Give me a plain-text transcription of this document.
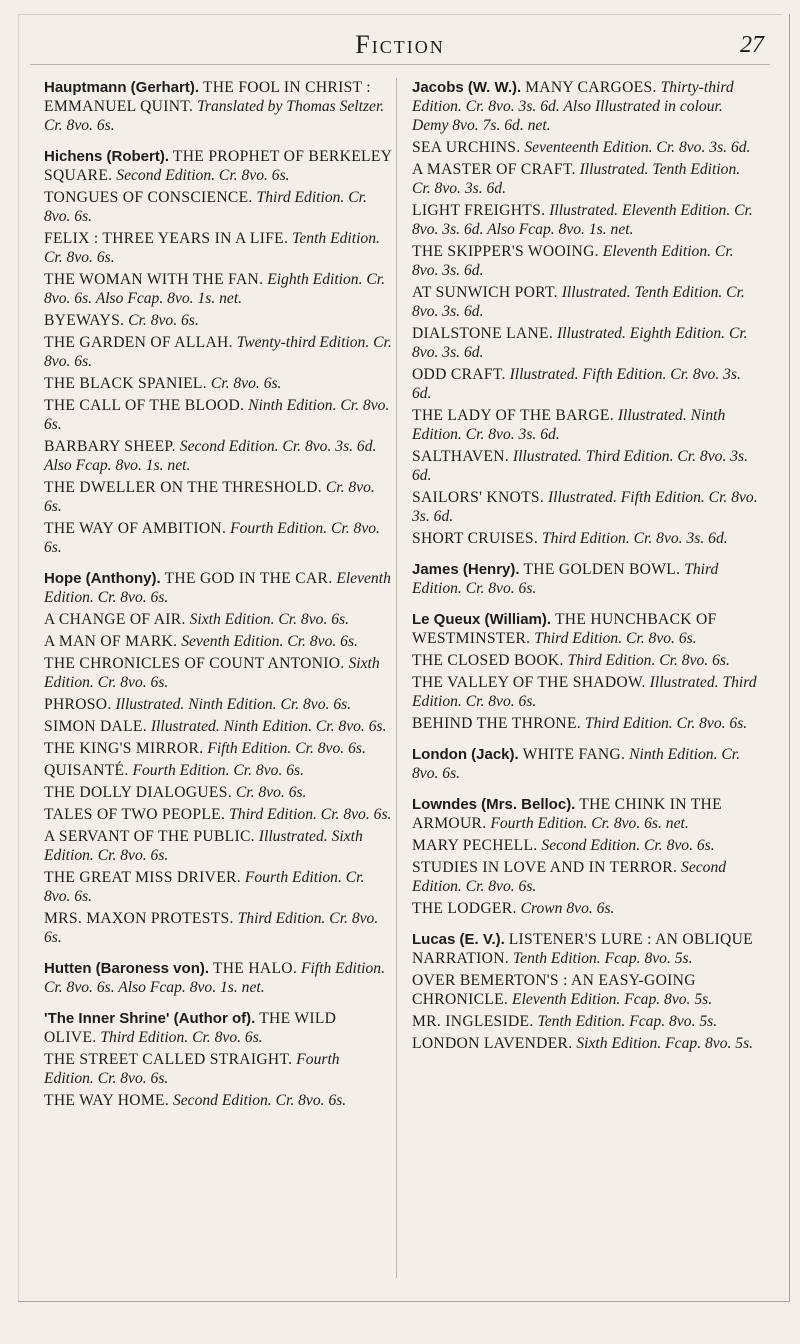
Fiction	27

Hauptmann (Gerhart). THE FOOL IN CHRIST : EMMANUEL QUINT. Translated by Thomas Seltzer. Cr. 8vo. 6s.

Hichens (Robert). THE PROPHET OF BERKELEY SQUARE. Second Edition. Cr. 8vo. 6s.

TONGUES OF CONSCIENCE. Third Edition. Cr. 8vo. 6s.

FELIX : THREE YEARS IN A LIFE. Tenth Edition. Cr. 8vo. 6s.

THE WOMAN WITH THE FAN. Eighth Edition. Cr. 8vo. 6s. Also Fcap. 8vo. 1s. net.

BYEWAYS. Cr. 8vo. 6s.

THE GARDEN OF ALLAH. Twenty-third Edition. Cr. 8vo. 6s.

THE BLACK SPANIEL. Cr. 8vo. 6s.

THE CALL OF THE BLOOD. Ninth Edition. Cr. 8vo. 6s.

BARBARY SHEEP. Second Edition. Cr. 8vo. 3s. 6d. Also Fcap. 8vo. 1s. net.

THE DWELLER ON THE THRESHOLD. Cr. 8vo. 6s.

THE WAY OF AMBITION. Fourth Edition. Cr. 8vo. 6s.

Hope (Anthony). THE GOD IN THE CAR. Eleventh Edition. Cr. 8vo. 6s.

A CHANGE OF AIR. Sixth Edition. Cr. 8vo. 6s.

A MAN OF MARK. Seventh Edition. Cr. 8vo. 6s.

THE CHRONICLES OF COUNT ANTONIO. Sixth Edition. Cr. 8vo. 6s.

PHROSO. Illustrated. Ninth Edition. Cr. 8vo. 6s.

SIMON DALE. Illustrated. Ninth Edition. Cr. 8vo. 6s.

THE KING'S MIRROR. Fifth Edition. Cr. 8vo. 6s.

QUISANTÉ. Fourth Edition. Cr. 8vo. 6s.

THE DOLLY DIALOGUES. Cr. 8vo. 6s.

TALES OF TWO PEOPLE. Third Edition. Cr. 8vo. 6s.

A SERVANT OF THE PUBLIC. Illustrated. Sixth Edition. Cr. 8vo. 6s.

THE GREAT MISS DRIVER. Fourth Edition. Cr. 8vo. 6s.

MRS. MAXON PROTESTS. Third Edition. Cr. 8vo. 6s.

Hutten (Baroness von). THE HALO. Fifth Edition. Cr. 8vo. 6s. Also Fcap. 8vo. 1s. net.

'The Inner Shrine' (Author of). THE WILD OLIVE. Third Edition. Cr. 8vo. 6s.

THE STREET CALLED STRAIGHT. Fourth Edition. Cr. 8vo. 6s.

THE WAY HOME. Second Edition. Cr. 8vo. 6s.

Jacobs (W. W.). MANY CARGOES. Thirty-third Edition. Cr. 8vo. 3s. 6d. Also Illustrated in colour. Demy 8vo. 7s. 6d. net.

SEA URCHINS. Seventeenth Edition. Cr. 8vo. 3s. 6d.

A MASTER OF CRAFT. Illustrated. Tenth Edition. Cr. 8vo. 3s. 6d.

LIGHT FREIGHTS. Illustrated. Eleventh Edition. Cr. 8vo. 3s. 6d. Also Fcap. 8vo. 1s. net.

THE SKIPPER'S WOOING. Eleventh Edition. Cr. 8vo. 3s. 6d.

AT SUNWICH PORT. Illustrated. Tenth Edition. Cr. 8vo. 3s. 6d.

DIALSTONE LANE. Illustrated. Eighth Edition. Cr. 8vo. 3s. 6d.

ODD CRAFT. Illustrated. Fifth Edition. Cr. 8vo. 3s. 6d.

THE LADY OF THE BARGE. Illustrated. Ninth Edition. Cr. 8vo. 3s. 6d.

SALTHAVEN. Illustrated. Third Edition. Cr. 8vo. 3s. 6d.

SAILORS' KNOTS. Illustrated. Fifth Edition. Cr. 8vo. 3s. 6d.

SHORT CRUISES. Third Edition. Cr. 8vo. 3s. 6d.

James (Henry). THE GOLDEN BOWL. Third Edition. Cr. 8vo. 6s.

Le Queux (William). THE HUNCHBACK OF WESTMINSTER. Third Edition. Cr. 8vo. 6s.

THE CLOSED BOOK. Third Edition. Cr. 8vo. 6s.

THE VALLEY OF THE SHADOW. Illustrated. Third Edition. Cr. 8vo. 6s.

BEHIND THE THRONE. Third Edition. Cr. 8vo. 6s.

London (Jack). WHITE FANG. Ninth Edition. Cr. 8vo. 6s.

Lowndes (Mrs. Belloc). THE CHINK IN THE ARMOUR. Fourth Edition. Cr. 8vo. 6s. net.

MARY PECHELL. Second Edition. Cr. 8vo. 6s.

STUDIES IN LOVE AND IN TERROR. Second Edition. Cr. 8vo. 6s.

THE LODGER. Crown 8vo. 6s.

Lucas (E. V.). LISTENER'S LURE : AN OBLIQUE NARRATION. Tenth Edition. Fcap. 8vo. 5s.

OVER BEMERTON'S : AN EASY-GOING CHRONICLE. Eleventh Edition. Fcap. 8vo. 5s.

MR. INGLESIDE. Tenth Edition. Fcap. 8vo. 5s.

LONDON LAVENDER. Sixth Edition. Fcap. 8vo. 5s.
